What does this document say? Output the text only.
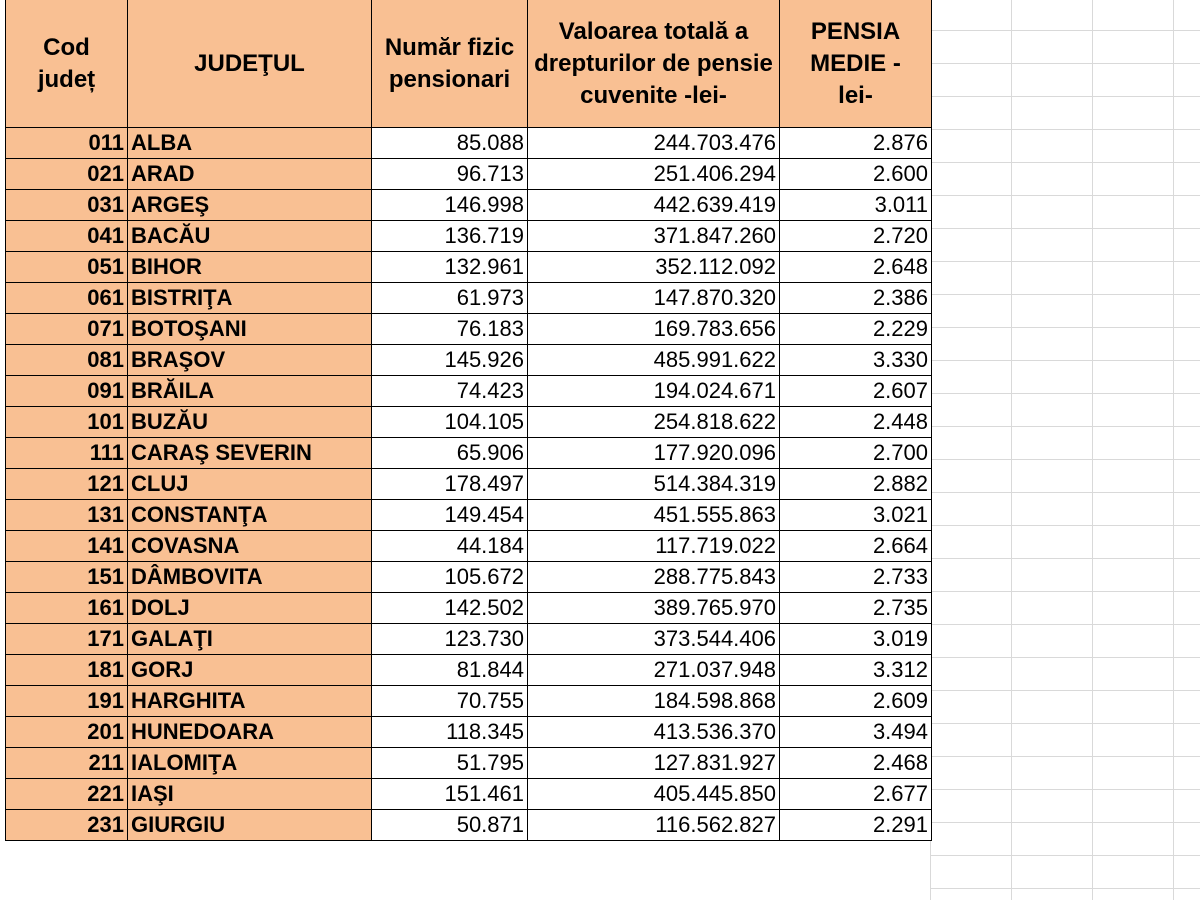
Cod județ	JUDEŢUL	Număr fizic pensionari	Valoarea totală a drepturilor de pensie cuvenite -lei-	PENSIA MEDIE -lei-
011	ALBA	85.088	244.703.476	2.876
021	ARAD	96.713	251.406.294	2.600
031	ARGEŞ	146.998	442.639.419	3.011
041	BACĂU	136.719	371.847.260	2.720
051	BIHOR	132.961	352.112.092	2.648
061	BISTRIŢA	61.973	147.870.320	2.386
071	BOTOŞANI	76.183	169.783.656	2.229
081	BRAŞOV	145.926	485.991.622	3.330
091	BRĂILA	74.423	194.024.671	2.607
101	BUZĂU	104.105	254.818.622	2.448
111	CARAŞ SEVERIN	65.906	177.920.096	2.700
121	CLUJ	178.497	514.384.319	2.882
131	CONSTANŢA	149.454	451.555.863	3.021
141	COVASNA	44.184	117.719.022	2.664
151	DÂMBOVITA	105.672	288.775.843	2.733
161	DOLJ	142.502	389.765.970	2.735
171	GALAŢI	123.730	373.544.406	3.019
181	GORJ	81.844	271.037.948	3.312
191	HARGHITA	70.755	184.598.868	2.609
201	HUNEDOARA	118.345	413.536.370	3.494
211	IALOMIŢA	51.795	127.831.927	2.468
221	IAŞI	151.461	405.445.850	2.677
231	GIURGIU	50.871	116.562.827	2.291
